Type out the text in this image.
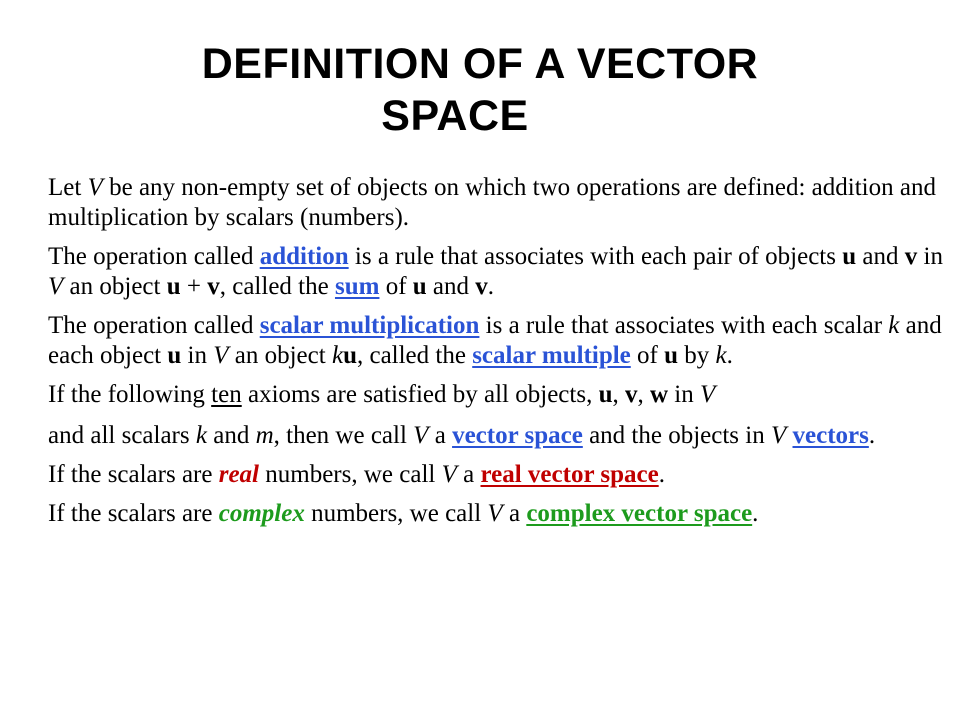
DEFINITION OF A VECTOR
SPACE

Let V be any non-empty set of objects on which two operations are defined: addition and multiplication by scalars (numbers).

The operation called addition is a rule that associates with each pair of objects u and v in V an object u + v, called the sum of u and v.

The operation called scalar multiplication is a rule that associates with each scalar k and each object u in V an object ku, called the scalar multiple of u by k.

If the following ten axioms are satisfied by all objects, u, v, w in V

and all scalars k and m, then we call V a vector space and the objects in V vectors.

If the scalars are real numbers, we call V a real vector space.

If the scalars are complex numbers, we call V a complex vector space.
